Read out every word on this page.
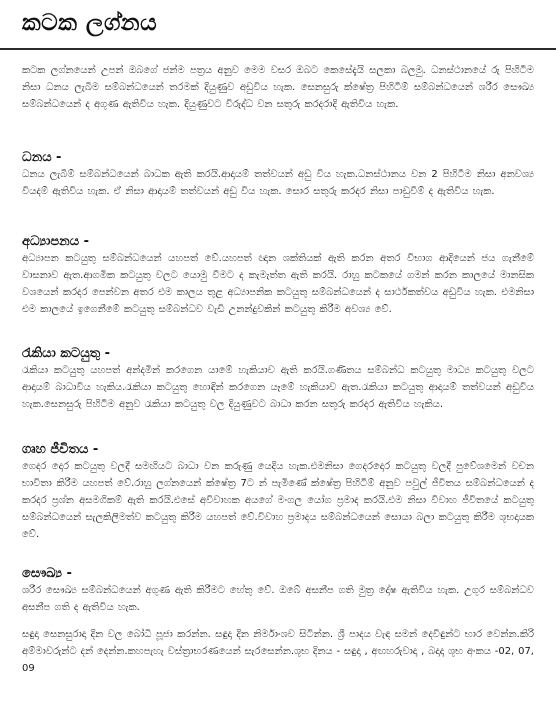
කටක ලග්නය
කටක ලග්නයෙන් උපන් ඔබගේ ජන්ම පත්‍රය අනුව මෙම වසර ඔබට කෙසේදැයි සලකා බලමු. ධනස්ථානයේ රු පිහිටීම නිසා ධනය ලැබීම සම්බන්ධයෙන් තරමක් දියුණුව අඩුවිය හැක. සෙනසුරු ක්ෂේත්‍ර පිහිටීම් සම්බන්ධයෙන් ශරීර සෞඛ්‍ය සම්බන්ධයෙන් ද අගුණ ඇතිවිය හැක. දියුණුවට විරුද්ධ වන සතුරු කරදරාදි ඇතිවිය හැක.
ධනය -
ධනය ලැබීම් සම්බන්ධයෙන් බාධක ඇති කරයි.ආදායම් තත්වයන් අඩු විය හැක.ධනස්ථානය වන 2 පිහිටීම නිසා අනවශ්‍ය වියදම් ඇතිවිය හැක. ඒ නිසා ආදායම් තත්වයන් අඩු විය හැක. සොර සතුරු කරදර නිසා පාඩුවීම් ද ඇතිවිය හැක.
අධ්‍යාපනය -
අධ්‍යාපන කටයුතු සම්බන්ධයෙන් යහපත් වේ.යහපත් ඥාන ශක්තියක් ඇති කරන අතර විභාග ආදියෙන් ජය ගැනීමේ වාසනාව ඇත.ආගමික කටයුතු වලට යොමු වීමට ද කැමැත්ත ඇති කරයි. රාහු කටකයේ ගමන් කරන කාලයේ මානසික වශයෙන් කරදර පෙන්වන අතර එම කාලය තුළ අධ්‍යාපනික කටයුතු සම්බන්ධයෙන් ද සාර්ථකත්වය අඩුවිය හැක. එමනිසා එම කාලයේ ඉගෙනීමේ කටයුතු සම්බන්ධව වැඩි උනන්දුවකින් කටයුතු කිරීම අවශ්‍ය වේ.
රැකියා කටයුතු -
රැකියා කටයුතු යහපත් අන්දමින් කරගෙන යාමේ හැකියාව ඇති කරයි.ගණිතය සම්බන්ධ කටයුතු මාධ්‍ය කටයුතු වලට ආදායම් බාධාවිය හැකිය.රැකියා කටයුතු හොඳින් කරගෙන යෑමේ හැකියාව ඇත.රැකියා කටයුතු ආදායම් තත්වයන් අඩුවිය හැක.සෙනසුරු පිහිටීම අනුව රැකියා කටයුතු වල දියුණුවට බාධා කරන සතුරු කරදර ඇතිවිය හැකිය.
ගෘහ ජීවිතය -
ගෙදර දොර කටයුතු වලදී සමඟියට බාධා වන කරුණු යෙදිය හැක.එමනිසා ගෙදරදොර කටයුතු වලදී පුවේශමෙන් වචන භාවිතා කිරීම යහපත් වේ.රාහු ලග්නයෙන් ක්ෂේත්‍ර 7ට න් පැමිණේ ක්ෂේත්‍ර පිහිටීම් අනුව පවුල් ජීවිතය සම්බන්ධයෙන් ද කරදර ප්‍රශ්න අසමගිකම් ඇති කරයි.එසේ අවිවාහක අයගේ මංගල යෝග ප්‍රමාද කරයි.එම නිසා විවාහ ජීවිතයේ කටයුතු සම්බන්ධයෙන් සැලකිලිමත්ව කටයුතු කිරීම යහපත් වේ.විවාහ ප්‍රමාදය සම්බන්ධයෙන් සොයා බලා කටයුතු කිරීම ශුභදායක වේ.
සෞඛ්‍ය -
ශරීර සෞඛ්‍ය සම්බන්ධයෙන් අගුණ ඇති කිරීමට හේතු වේ. ඔබේ අසනීප ගති මුත්‍ර දෝෂ ඇතිවිය හැක. උගුර සම්බන්ධව අසනීප ගති ද ඇතිවිය හැක.
සඳුදා සෙනසුරාදා දින වල බෝධි පූජා කරන්න. සඳුදා දින නිර්මාංශව සිටින්න. ශ්‍රී පාදය වැඳ සමන් දෙවිඳුන්ට භාර වෙන්න.කිරි අම්මාවරුන්ට දන් දෙන්න.කහපැහැ වස්ත්‍රාභරණයෙන් සැරසෙන්න.ශුභ දිනය - සඳුදා , අඟහරුවාදා , බදාදා ශුභ අංකය -02, 07, 09
